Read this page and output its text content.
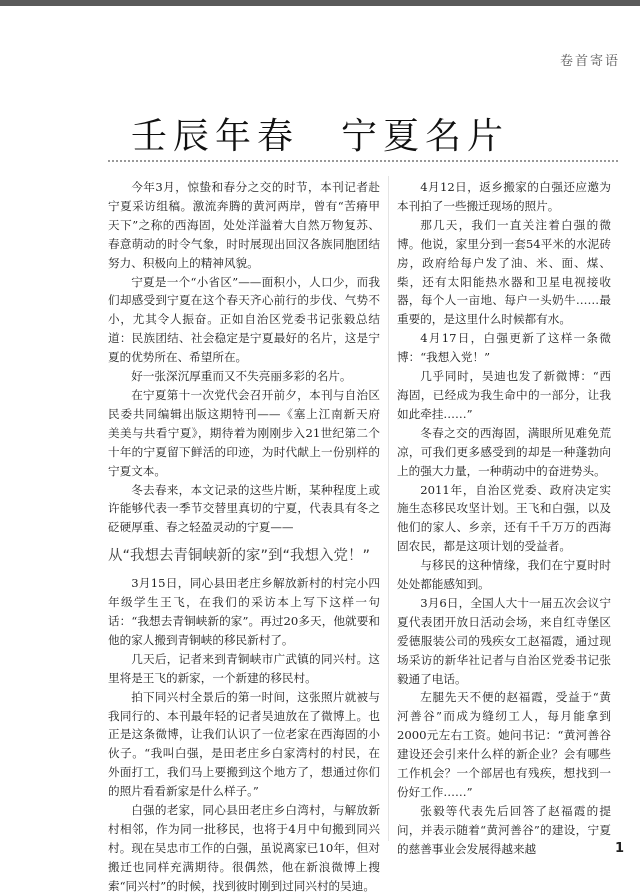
卷首寄语
壬辰年春　宁夏名片

今年3月，惊蛰和春分之交的时节，本刊记者赴宁夏采访组稿。激流奔腾的黄河两岸，曾有“苦瘠甲天下”之称的西海固，处处洋溢着大自然万物复苏、春意萌动的时令气象，时时展现出回汉各族同胞团结努力、积极向上的精神风貌。

宁夏是一个“小省区”——面积小，人口少，而我们却感受到宁夏在这个春天齐心前行的步伐、气势不小，尤其令人振奋。正如自治区党委书记张毅总结道：民族团结、社会稳定是宁夏最好的名片，这是宁夏的优势所在、希望所在。

好一张深沉厚重而又不失亮丽多彩的名片。

在宁夏第十一次党代会召开前夕，本刊与自治区民委共同编辑出版这期特刊——《塞上江南新天府　美美与共看宁夏》，期待着为刚刚步入21世纪第二个十年的宁夏留下鲜活的印迹，为时代献上一份别样的宁夏文本。

冬去春来，本文记录的这些片断，某种程度上或许能够代表一季节交替里真切的宁夏，代表具有冬之砭硬厚重、春之轻盈灵动的宁夏——

从“我想去青铜峡新的家”到“我想入党！”

3月15日，同心县田老庄乡解放新村的村完小四年级学生王飞，在我们的采访本上写下这样一句话：“我想去青铜峡新的家”。再过20多天，他就要和他的家人搬到青铜峡的移民新村了。

几天后，记者来到青铜峡市广武镇的同兴村。这里将是王飞的新家，一个新建的移民村。

拍下同兴村全景后的第一时间，这张照片就被与我同行的、本刊最年轻的记者吴迪放在了微博上。也正是这条微博，让我们认识了一位老家在西海固的小伙子。“我叫白强，是田老庄乡白家湾村的村民，在外面打工，我们马上要搬到这个地方了，想通过你们的照片看看新家是什么样子。”

白强的老家，同心县田老庄乡白湾村，与解放新村相邻，作为同一批移民，也将于4月中旬搬到同兴村。现在吴忠市工作的白强，虽说离家已10年，但对搬迁也同样充满期待。很偶然，他在新浪微博上搜索“同兴村”的时候，找到彼时刚到过同兴村的吴迪。

4月12日，返乡搬家的白强还应邀为本刊拍了一些搬迁现场的照片。

那几天，我们一直关注着白强的微博。他说，家里分到一套54平米的水泥砖房，政府给每户发了油、米、面、煤、柴，还有太阳能热水器和卫星电视接收器，每个人一亩地、每户一头奶牛……最重要的，是这里什么时候都有水。

4月17日，白强更新了这样一条微博：“我想入党！”

几乎同时，吴迪也发了新微博：“西海固，已经成为我生命中的一部分，让我如此牵挂……”

冬春之交的西海固，满眼所见难免荒凉，可我们更多感受到的却是一种蓬勃向上的强大力量，一种萌动中的奋进势头。

2011年，自治区党委、政府决定实施生态移民攻坚计划。王飞和白强，以及他们的家人、乡亲，还有千千万万的西海固农民，都是这项计划的受益者。

与移民的这种情缘，我们在宁夏时时处处都能感知到。

3月6日，全国人大十一届五次会议宁夏代表团开放日活动会场，来自红寺堡区爱德服装公司的残疾女工赵福霞，通过现场采访的新华社记者与自治区党委书记张毅通了电话。

左腿先天不便的赵福霞，受益于“黄河善谷”而成为缝纫工人，每月能拿到2000元左右工资。她问书记：“黄河善谷建设还会引来什么样的新企业？会有哪些工作机会？一个部居也有残疾，想找到一份好工作……”

张毅等代表先后回答了赵福霞的提问，并表示随着“黄河善谷”的建设，宁夏的慈善事业会发展得越来越	1
